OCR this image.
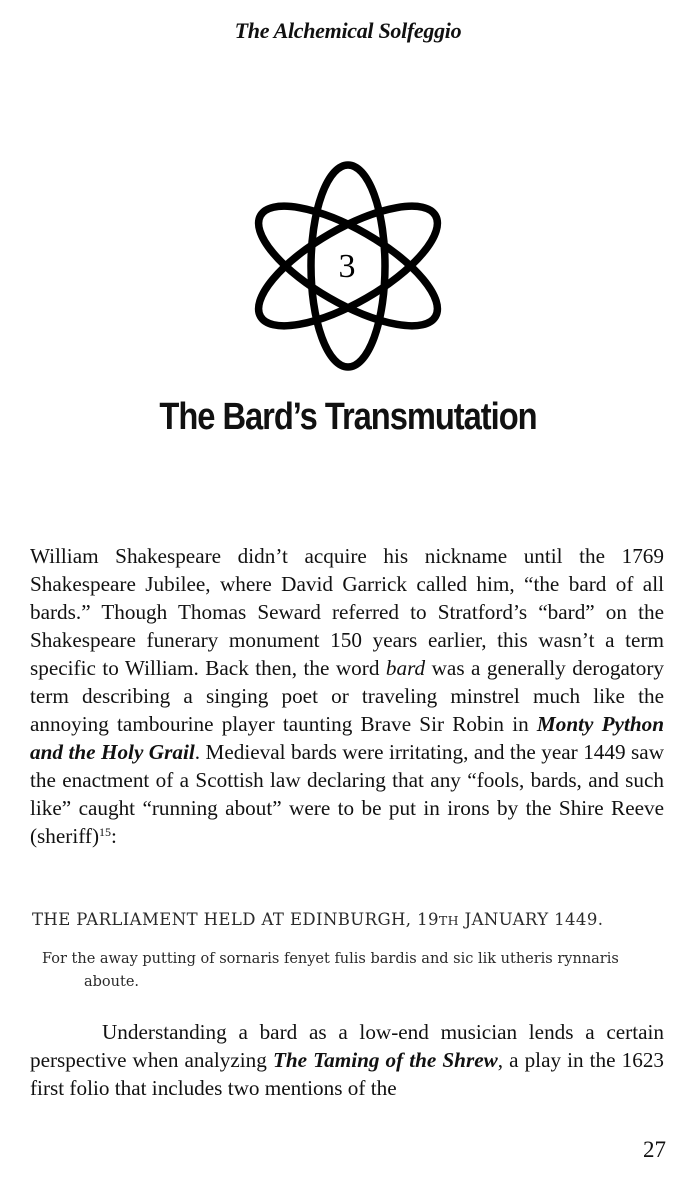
The Alchemical Solfeggio
3
The Bard’s Transmutation

William Shakespeare didn’t acquire his nickname until the 1769 Shakespeare Jubilee, where David Garrick called him, “the bard of all bards.” Though Thomas Seward referred to Stratford’s “bard” on the Shakespeare funerary monument 150 years earlier, this wasn’t a term specific to William. Back then, the word bard was a generally derogatory term describing a singing poet or traveling minstrel much like the annoying tambourine player taunting Brave Sir Robin in Monty Python and the Holy Grail. Medieval bards were irritating, and the year 1449 saw the enactment of a Scottish law declaring that any “fools, bards, and such like” caught “running about” were to be put in irons by the Shire Reeve (sheriff)$^{15}$:

THE PARLIAMENT HELD AT EDINBURGH, 19TH JANUARY 1449.

For the away putting of sornaris fenyet fulis bardis and sic lik utheris rynnaris
aboute.

Understanding a bard as a low-end musician lends a certain perspective when analyzing The Taming of the Shrew, a play in the 1623 first folio that includes two mentions of the

27
